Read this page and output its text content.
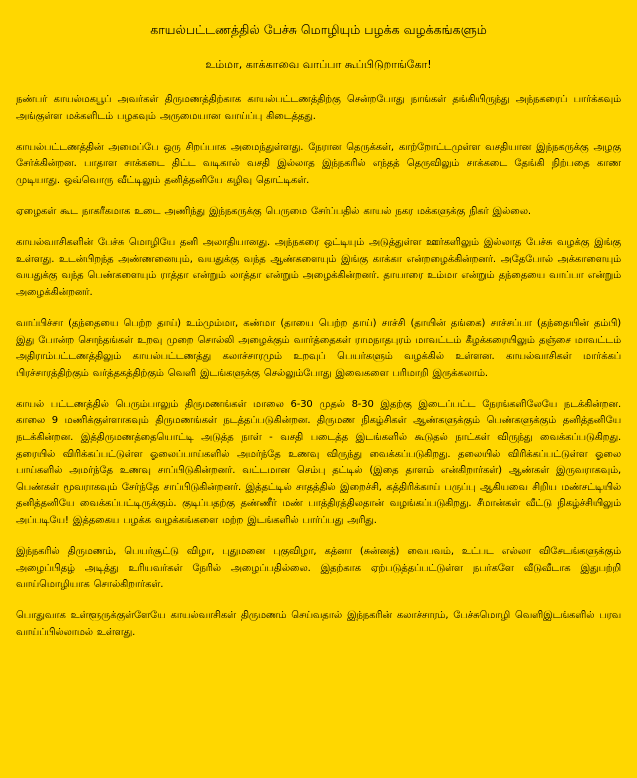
காயல்பட்டணத்தில் பேச்சு மொழியும் பழக்க வழக்கங்களும்
உம்மா, காக்காவை வாப்பா கூப்பிடுறாங்கோ!

நண்பர் காயல்மகபூப் அவர்கள் திருமணத்திற்காக காயல்பட்டணத்திற்கு சென்றபோது நாங்கள் தங்கியிருந்து அந்நகரைப் பார்க்கவும் அங்குள்ள மக்களிடம் பழகவும் அருமையான வாய்ப்பு கிடைத்தது.

காயல்பட்டணத்தின் அமைப்பே ஒரு சிறப்பாக அமைந்துள்ளது. நேரான தெருக்கள், காற்றோட்டமுள்ள வசதியான இந்நகருக்கு அழகு சேர்க்கின்றன. பாதாள சாக்கடை திட்ட வடிகால் வசதி இல்லாத இந்நகரில் எந்தத் தெருவிலும் சாக்கடை தேங்கி நிற்பதை காண முடியாது. ஒவ்வொரு வீட்டிலும் தனித்தனியே கழிவு தொட்டிகள்.

ஏழைகள் கூட நாகரீகமாக உடை அணிந்து இந்நகருக்கு பெருமை சேர்ப்பதில் காயல் நகர மக்களுக்கு நிகர் இல்லை.

காயல்வாசிகளின் பேச்சு மொழியே தனி அலாதியானது. அந்நகரை ஒட்டியும் அடுத்துள்ள ஊர்களிலும் இல்லாத பேச்சு வழக்கு இங்கு உள்ளது. உடன்பிறந்த அண்ணனையும், வயதுக்கு வந்த ஆண்களையும் இங்கு காக்கா என்றழைக்கின்றனர். அதேபோல் அக்காளையும் வயதுக்கு வந்த பெண்களையும் ராத்தா என்றும் லாத்தா என்றும் அழைக்கின்றனர். தாயாரை உம்மா என்றும் தந்தையை வாப்பா என்றும் அழைக்கின்றனர்.

வாப்பிச்சா (தந்தையை பெற்ற தாய்) உம்மும்மா, கண்மா (தாயை பெற்ற தாய்) சாச்சி (தாயின் தங்கை) சாச்சப்பா (தந்தையின் தம்பி) இது போன்ற சொந்தங்கள் உறவு முறை சொல்லி அழைக்கும் வார்த்தைகள் ராமநாதபுரம் மாவட்டம் கீழக்கரையிலும் தஞ்சை மாவட்டம் அதிராம்பட்டணத்திலும் காயல்பட்டணத்து கலாச்சாரமும் உறவுப் பெயர்களும் வழக்கில் உள்ளன. காயல்வாசிகள் மார்க்கப் பிரச்சாரத்திற்கும் வர்த்தகத்திற்கும் வெளி இடங்களுக்கு செல்லும்போது இவைகளை பரிமாறி இருக்கலாம்.

காயல் பட்டணத்தில் பெரும்பாலும் திருமணங்கள் மாலை 6-30 முதல் 8-30 இதற்கு இடைப்பட்ட நேரங்களிலேயே நடக்கின்றன. காலை 9 மணிக்குள்ளாகவும் திருமணங்கள் நடத்தப்படுகின்றன. திருமண நிகழ்சிகள் ஆண்களுக்கும் பெண்களுக்கும் தனித்தனியே நடக்கின்றன. இத்திருமணத்தையொட்டி அடுத்த நாள் - வசதி படைத்த இடங்களில் கூடுதல் நாட்கள் விருந்து வைக்கப்படுகிறது. தரையில் விரிக்கப்பட்டுள்ள ஓலைப்பாய்களில் அமர்ந்தே உணவு விருந்து வைக்கப்படுகிறது. தலையில் விரிக்கப்பட்டுள்ள ஓலை பாய்களில் அமர்ந்தே உணவு சாப்பிடுகின்றனர். வட்டமான செம்பு தட்டில் (இதை தாளம் என்கிறார்கள்) ஆண்கள் இருவராகவும், பெண்கள் மூவராகவும் சேர்ந்தே சாப்பிடுகின்றனர். இத்தட்டில் சாதத்தில் இறைச்சி, கத்திரிக்காய் பருப்பு ஆகியவை சிறிய மண்சட்டியில் தனித்தனியே வைக்கப்பட்டிருக்கும். குடிப்பதற்கு தண்ணீர் மண் பாத்திரத்திலதான் வழங்கப்படுகிறது. சீமான்கள் வீட்டு நிகழ்ச்சியிலும் அப்படியே! இத்தகைய பழக்க வழக்கங்களை மற்ற இடங்களில் பார்ப்பது அரிது.

இந்நகரில் திருமணம், பெயர்சூட்டு விழா, புதுமனை புகுவிழா, கத்னா (சுன்னத்) வைபவம், உட்பட எல்லா விசேடங்களுக்கும் அழைப்பிதழ் அடித்து உரியவர்கள் நேரில் அழைப்பதில்லை. இதற்காக ஏற்படுத்தப்பட்டுள்ள நபர்களே வீடுவீடாக இதுபற்றி வாய்மொழியாக சொல்கிறார்கள்.

பொதுவாக உள்ளூருக்குள்ளேயே காயல்வாசிகள் திருமணம் செய்வதால் இந்நகரின் கலாச்சாரம், பேச்சுமொழி வெளிஇடங்களில் பரவ வாய்ப்பில்லாமல் உள்ளது.
